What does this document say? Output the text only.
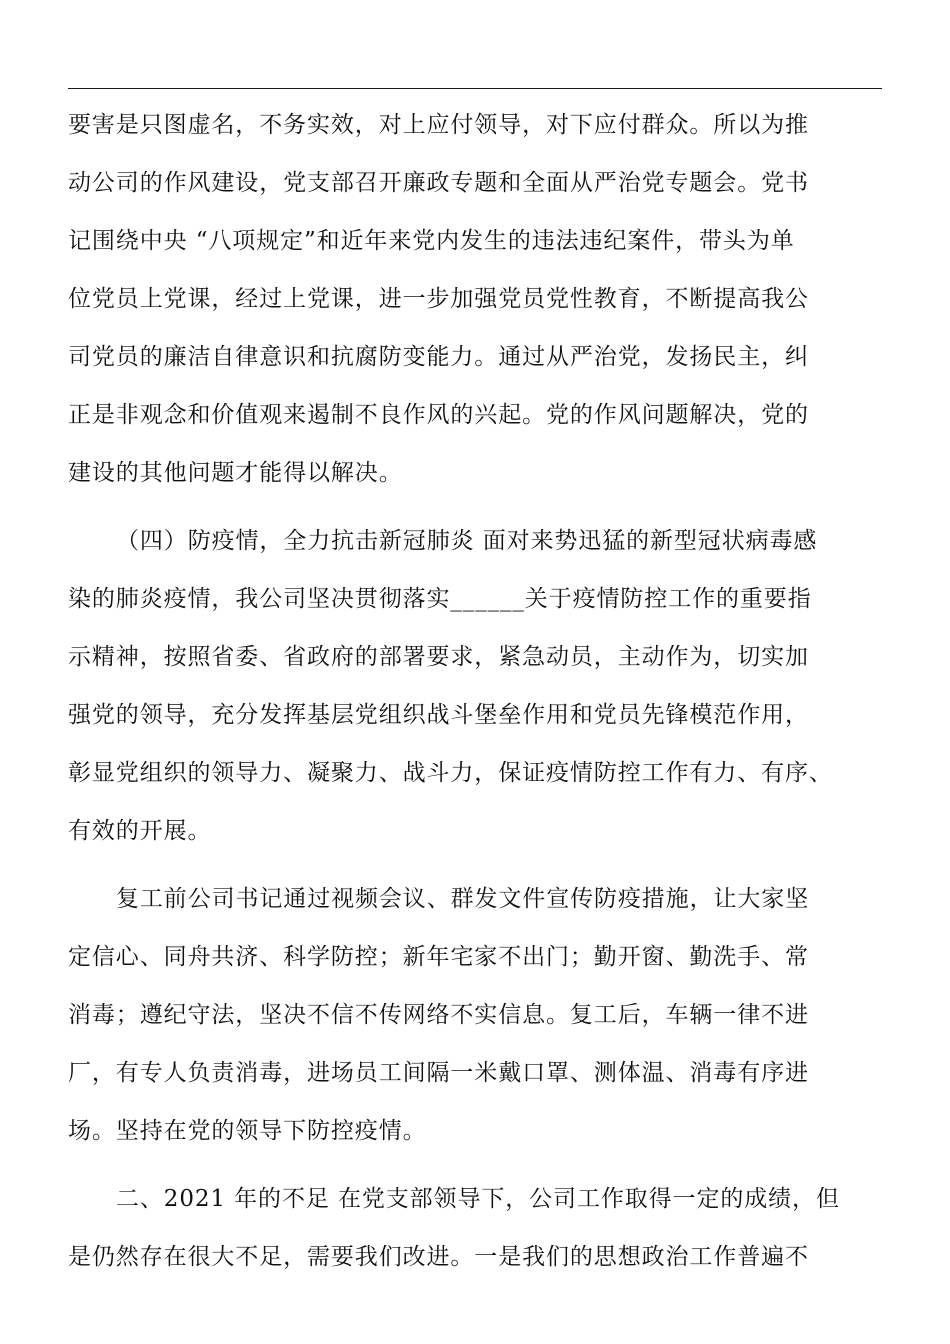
要害是只图虚名，不务实效，对上应付领导，对下应付群众。所以为推
动公司的作风建设，党支部召开廉政专题和全面从严治党专题会。党书
记围绕中央 “八项规定”和近年来党内发生的违法违纪案件，带头为单
位党员上党课，经过上党课，进一步加强党员党性教育，不断提高我公
司党员的廉洁自律意识和抗腐防变能力。通过从严治党，发扬民主，纠
正是非观念和价值观来遏制不良作风的兴起。党的作风问题解决，党的
建设的其他问题才能得以解决。
（四）防疫情，全力抗击新冠肺炎 面对来势迅猛的新型冠状病毒感
染的肺炎疫情，我公司坚决贯彻落实______关于疫情防控工作的重要指
示精神，按照省委、省政府的部署要求，紧急动员，主动作为，切实加
强党的领导，充分发挥基层党组织战斗堡垒作用和党员先锋模范作用，
彰显党组织的领导力、凝聚力、战斗力，保证疫情防控工作有力、有序、
有效的开展。
复工前公司书记通过视频会议、群发文件宣传防疫措施，让大家坚
定信心、同舟共济、科学防控；新年宅家不出门；勤开窗、勤洗手、常
消毒；遵纪守法，坚决不信不传网络不实信息。复工后，车辆一律不进
厂，有专人负责消毒，进场员工间隔一米戴口罩、测体温、消毒有序进
场。坚持在党的领导下防控疫情。
二、2021 年的不足 在党支部领导下，公司工作取得一定的成绩，但
是仍然存在很大不足，需要我们改进。一是我们的思想政治工作普遍不
